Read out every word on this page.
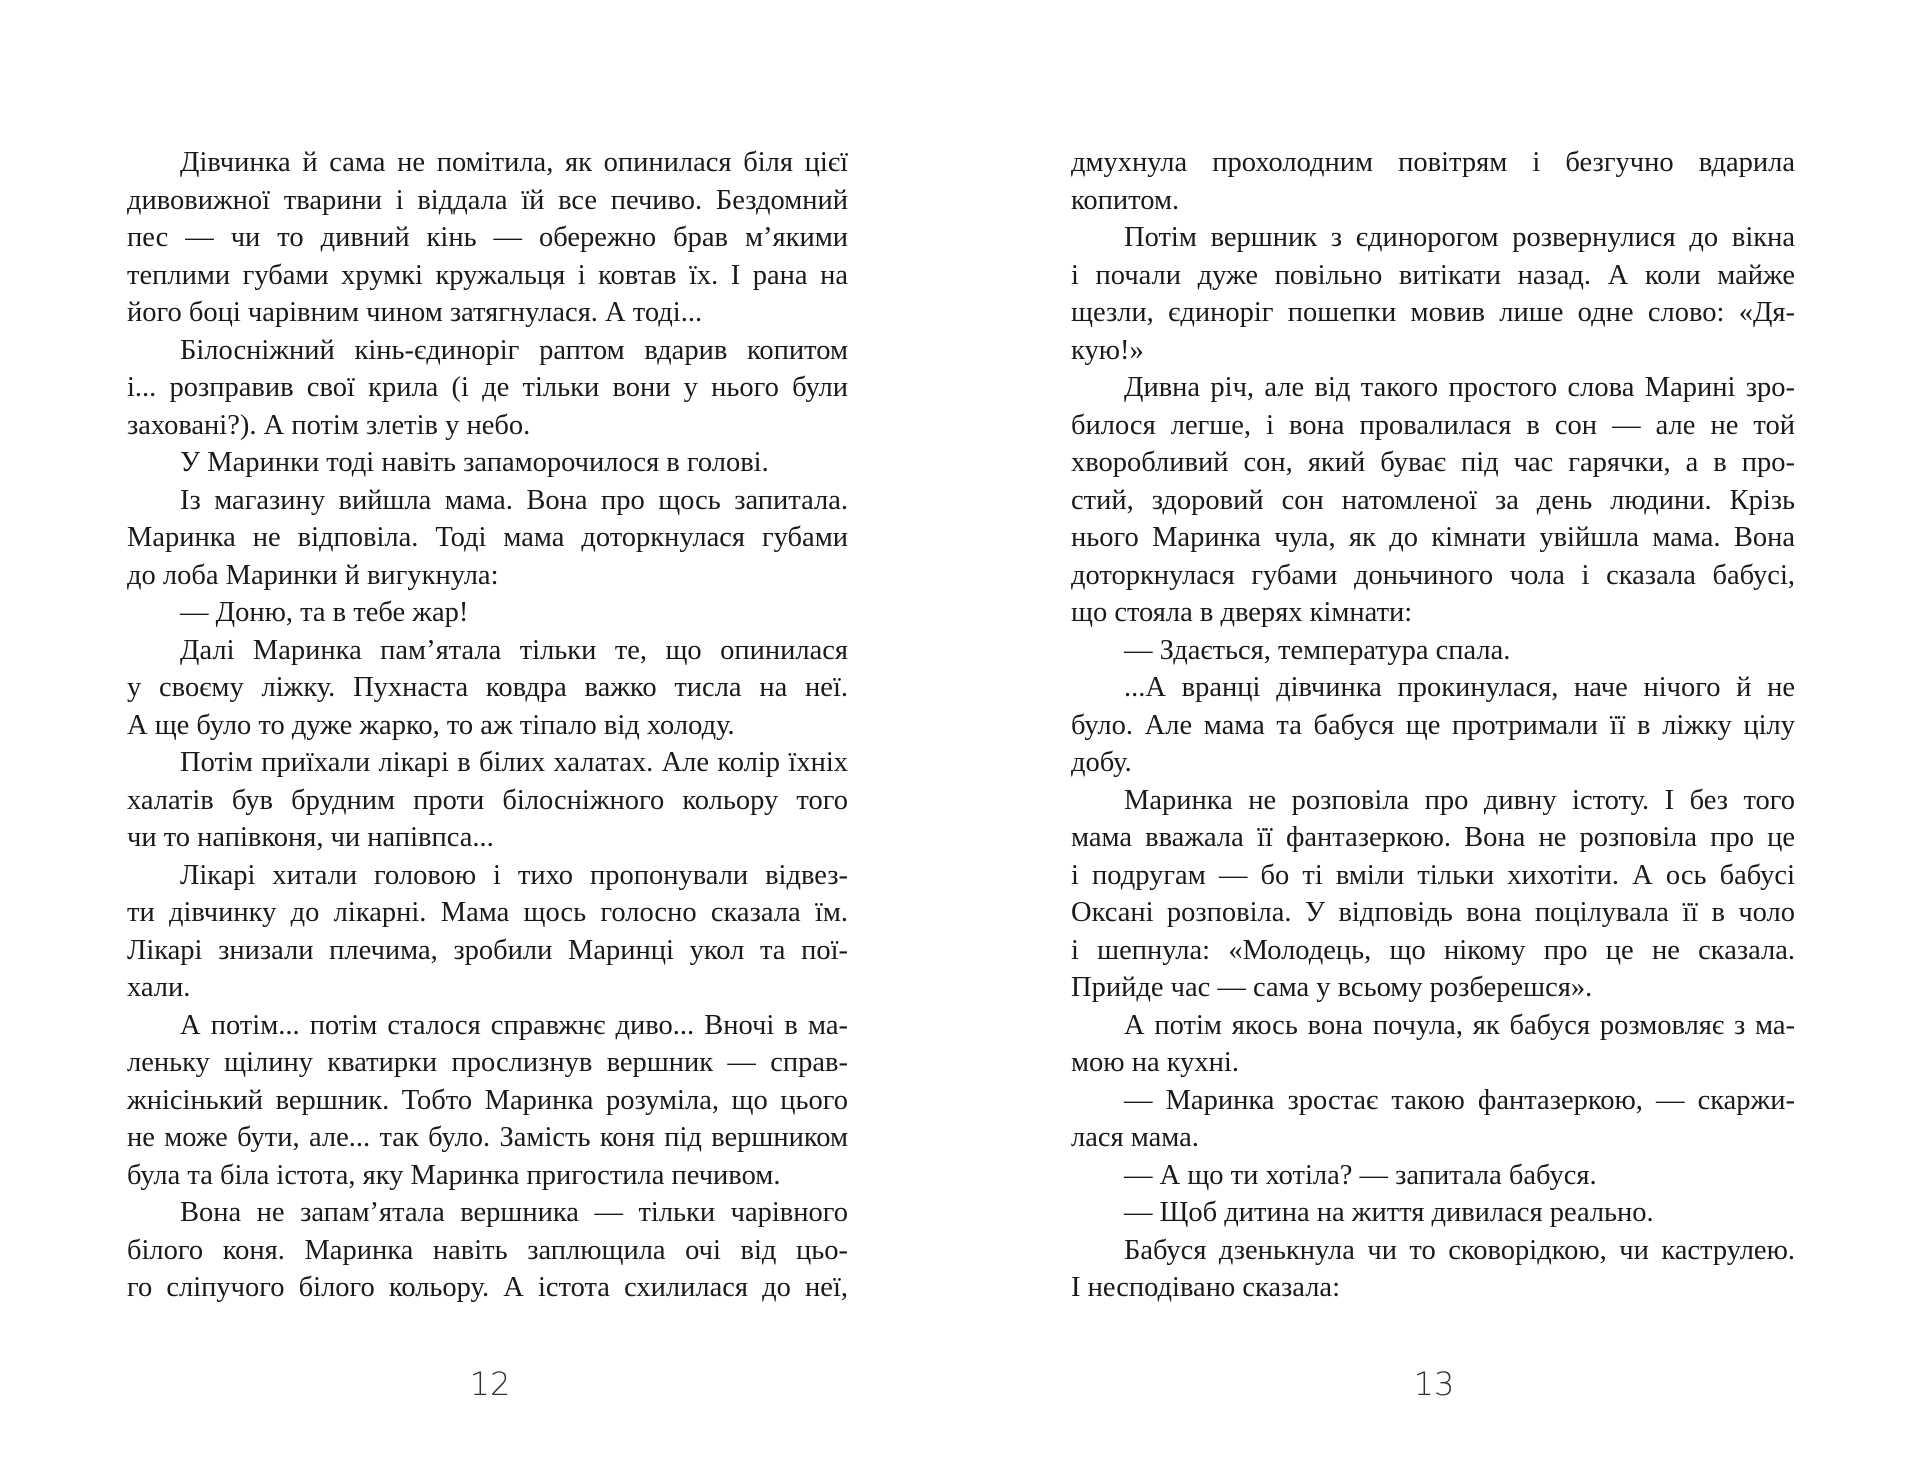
Дівчинка й сама не помітила, як опинилася біля цієї
дивовижної тварини і віддала їй все печиво. Бездомний
пес — чи то дивний кінь — обережно брав м’якими
теплими губами хрумкі кружальця і ковтав їх. І рана на
його боці чарівним чином затягнулася. А тоді...
Білосніжний кінь-єдиноріг раптом вдарив копитом
і... розправив свої крила (і де тільки вони у нього були
заховані?). А потім злетів у небо.
У Маринки тоді навіть запаморочилося в голові.
Із магазину вийшла мама. Вона про щось запитала.
Маринка не відповіла. Тоді мама доторкнулася губами
до лоба Маринки й вигукнула:
— Доню, та в тебе жар!
Далі Маринка пам’ятала тільки те, що опинилася
у своєму ліжку. Пухнаста ковдра важко тисла на неї.
А ще було то дуже жарко, то аж тіпало від холоду.
Потім приїхали лікарі в білих халатах. Але колір їхніх
халатів був брудним проти білосніжного кольору того
чи то напівконя, чи напівпса...
Лікарі хитали головою і тихо пропонували відвез-
ти дівчинку до лікарні. Мама щось голосно сказала їм.
Лікарі знизали плечима, зробили Маринці укол та пої-
хали.
А потім... потім сталося справжнє диво... Вночі в ма-
леньку щілину кватирки прослизнув вершник — справ-
жнісінький вершник. Тобто Маринка розуміла, що цього
не може бути, але... так було. Замість коня під вершником
була та біла істота, яку Маринка пригостила печивом.
Вона не запам’ятала вершника — тільки чарівного
білого коня. Маринка навіть заплющила очі від цьо-
го сліпучого білого кольору. А істота схилилася до неї,
дмухнула прохолодним повітрям і безгучно вдарила
копитом.
Потім вершник з єдинорогом розвернулися до вікна
і почали дуже повільно витікати назад. А коли майже
щезли, єдиноріг пошепки мовив лише одне слово: «Дя-
кую!»
Дивна річ, але від такого простого слова Марині зро-
билося легше, і вона провалилася в сон — але не той
хворобливий сон, який буває під час гарячки, а в про-
стий, здоровий сон натомленої за день людини. Крізь
нього Маринка чула, як до кімнати увійшла мама. Вона
доторкнулася губами доньчиного чола і сказала бабусі,
що стояла в дверях кімнати:
— Здається, температура спала.
...А вранці дівчинка прокинулася, наче нічого й не
було. Але мама та бабуся ще протримали її в ліжку цілу
добу.
Маринка не розповіла про дивну істоту. І без того
мама вважала її фантазеркою. Вона не розповіла про це
і подругам — бо ті вміли тільки хихотіти. А ось бабусі
Оксані розповіла. У відповідь вона поцілувала її в чоло
і шепнула: «Молодець, що нікому про це не сказала.
Прийде час — сама у всьому розберешся».
А потім якось вона почула, як бабуся розмовляє з ма-
мою на кухні.
— Маринка зростає такою фантазеркою, — скаржи-
лася мама.
— А що ти хотіла? — запитала бабуся.
— Щоб дитина на життя дивилася реально.
Бабуся дзенькнула чи то сковорідкою, чи каструлею.
І несподівано сказала:
12	13
